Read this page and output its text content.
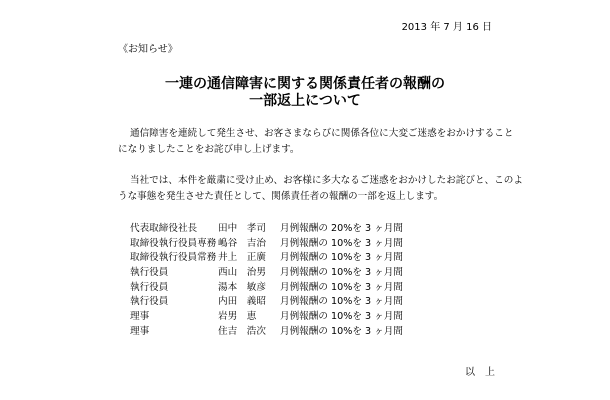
2013 年 7 月 16 日
《お知らせ》
一連の通信障害に関する関係責任者の報酬の
一部返上について
通信障害を連続して発生させ、お客さまならびに関係各位に大変ご迷惑をおかけすること
になりましたことをお詫び申し上げます。
当社では、本件を厳粛に受け止め、お客様に多大なるご迷惑をおかけしたお詫びと、このよ
うな事態を発生させた責任として、関係責任者の報酬の一部を返上します。
代表取締役社長 田中　孝司 月例報酬の 20%を 3 ヶ月間
取締役執行役員専務 嶋谷　吉治 月例報酬の 10%を 3 ヶ月間
取締役執行役員常務 井上　正廣 月例報酬の 10%を 3 ヶ月間
執行役員	西山　治男 月例報酬の 10%を 3 ヶ月間
執行役員	湯本　敏彦 月例報酬の 10%を 3 ヶ月間
執行役員	内田　義昭 月例報酬の 10%を 3 ヶ月間
理事	岩男　恵 月例報酬の 10%を 3 ヶ月間
理事	住吉　浩次 月例報酬の 10%を 3 ヶ月間
以　上
